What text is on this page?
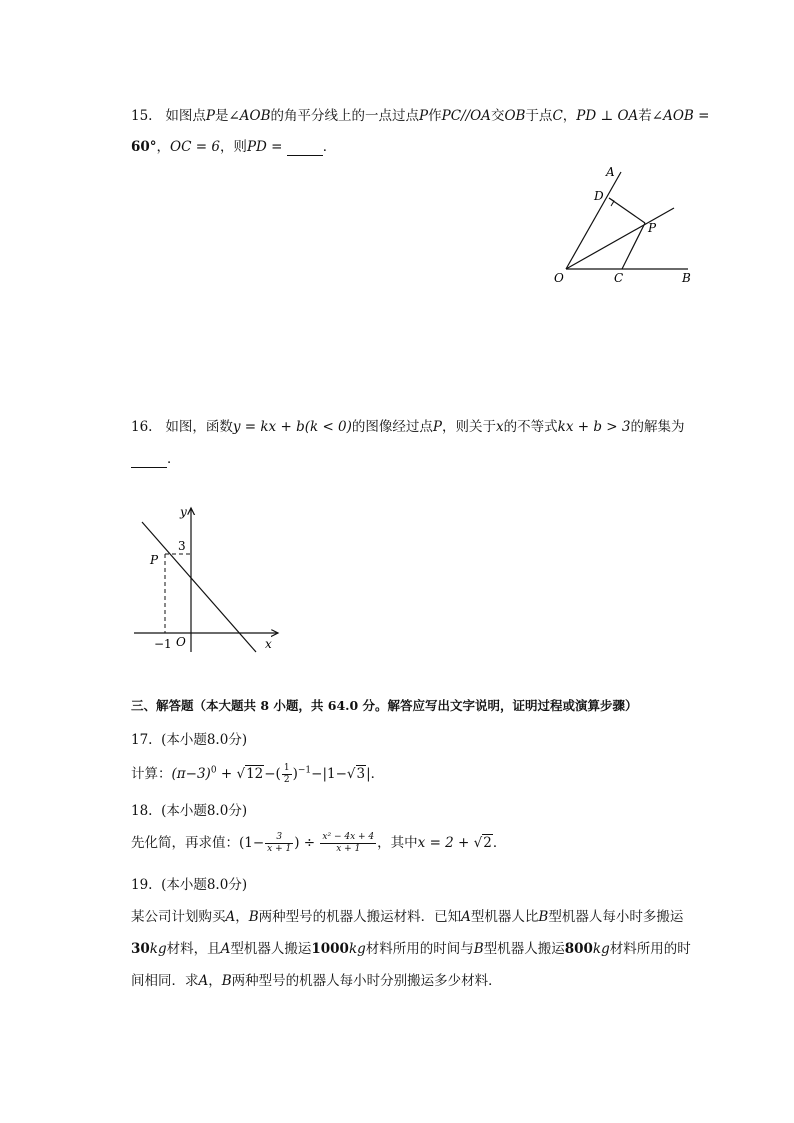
15. 如图点P是∠AOB的角平分线上的一点过点P作PC//OA交OB于点C，PD ⊥ OA若∠AOB =
60°，OC = 6，则PD =	．
A
D
P
O	C	B
16. 如图，函数y = kx + b(k < 0)的图像经过点P，则关于x的不等式kx + b > 3的解集为
．
y
x
P
3
−1 O
三、解答题（本大题共 8 小题，共 64.0 分。解答应写出文字说明，证明过程或演算步骤）
17. (本小题8.0分)
计算：$(\pi-3)^0 + √12-( \frac{1}{2} )^{-1}-|1-√3|$．
18. (本小题8.0分)
先化简，再求值：($1- \frac{3}{x + 1}$ ) ÷ $\frac{\text{x² − 4x + 4}}{x + 1}$ ，其中x = 2 + √2．
19. (本小题8.0分)
某公司计划购买A，B两种型号的机器人搬运材料．已知A型机器人比B型机器人每小时多搬运
30kg材料，且A型机器人搬运1000kg材料所用的时间与B型机器人搬运800kg材料所用的时
间相同．求A，B两种型号的机器人每小时分别搬运多少材料．
